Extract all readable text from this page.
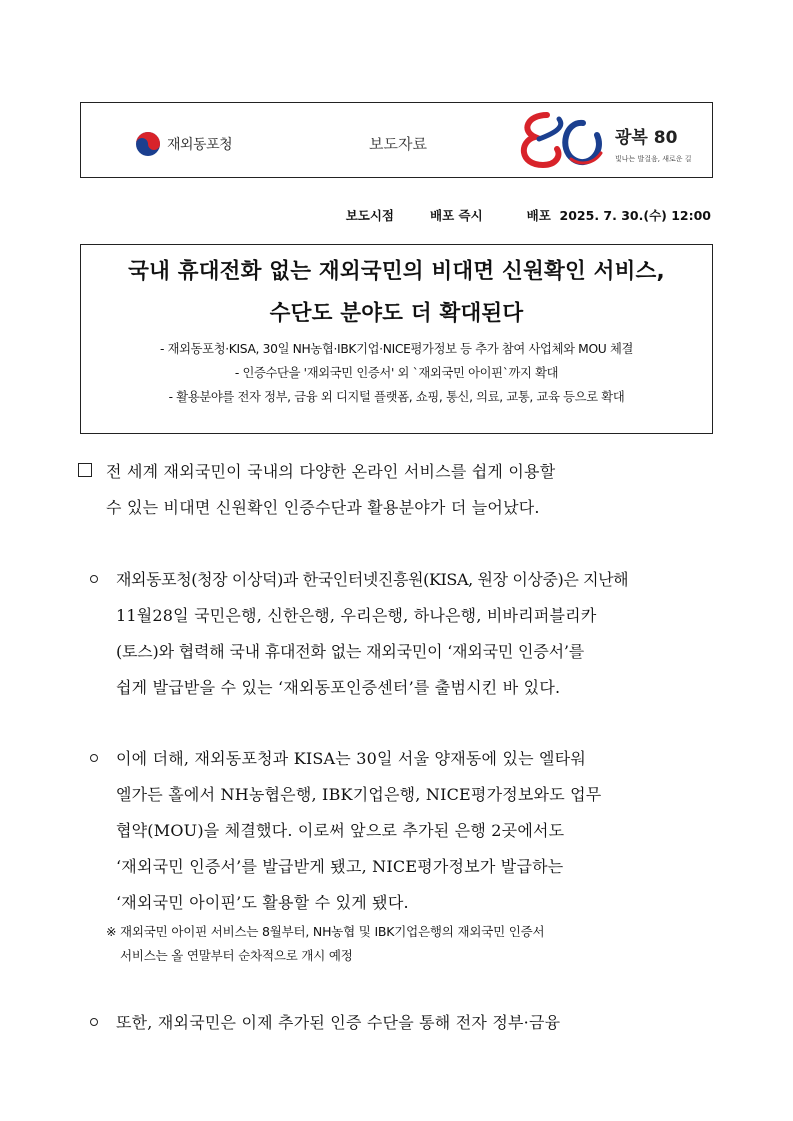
재외동포청	보도자료	광복 80
빛나는 발걸음, 새로운 길
보도시점	배포 즉시	배포  2025. 7. 30.(수) 12:00
국내 휴대전화 없는 재외국민의 비대면 신원확인 서비스,
수단도 분야도 더 확대된다
- 재외동포청·KISA, 30일 NH농협·IBK기업·NICE평가정보 등 추가 참여 사업체와 MOU 체결
- 인증수단을 '재외국민 인증서' 외 `재외국민 아이핀`까지 확대
- 활용분야를 전자 정부, 금융 외 디지털 플랫폼, 쇼핑, 통신, 의료, 교통, 교육 등으로 확대
전 세계 재외국민이 국내의 다양한 온라인 서비스를 쉽게 이용할
수 있는 비대면 신원확인 인증수단과 활용분야가 더 늘어났다.
재외동포청(청장 이상덕)과 한국인터넷진흥원(KISA, 원장 이상중)은 지난해
11월28일 국민은행, 신한은행, 우리은행, 하나은행, 비바리퍼블리카
(토스)와 협력해 국내 휴대전화 없는 재외국민이 ‘재외국민 인증서’를
쉽게 발급받을 수 있는 ‘재외동포인증센터’를 출범시킨 바 있다.
이에 더해, 재외동포청과 KISA는 30일 서울 양재동에 있는 엘타워
엘가든 홀에서 NH농협은행, IBK기업은행, NICE평가정보와도 업무
협약(MOU)을 체결했다. 이로써 앞으로 추가된 은행 2곳에서도
‘재외국민 인증서’를 발급받게 됐고, NICE평가정보가 발급하는
‘재외국민 아이핀’도 활용할 수 있게 됐다.
※ 재외국민 아이핀 서비스는 8월부터, NH농협 및 IBK기업은행의 재외국민 인증서
서비스는 올 연말부터 순차적으로 개시 예정
또한, 재외국민은 이제 추가된 인증 수단을 통해 전자 정부·금융
